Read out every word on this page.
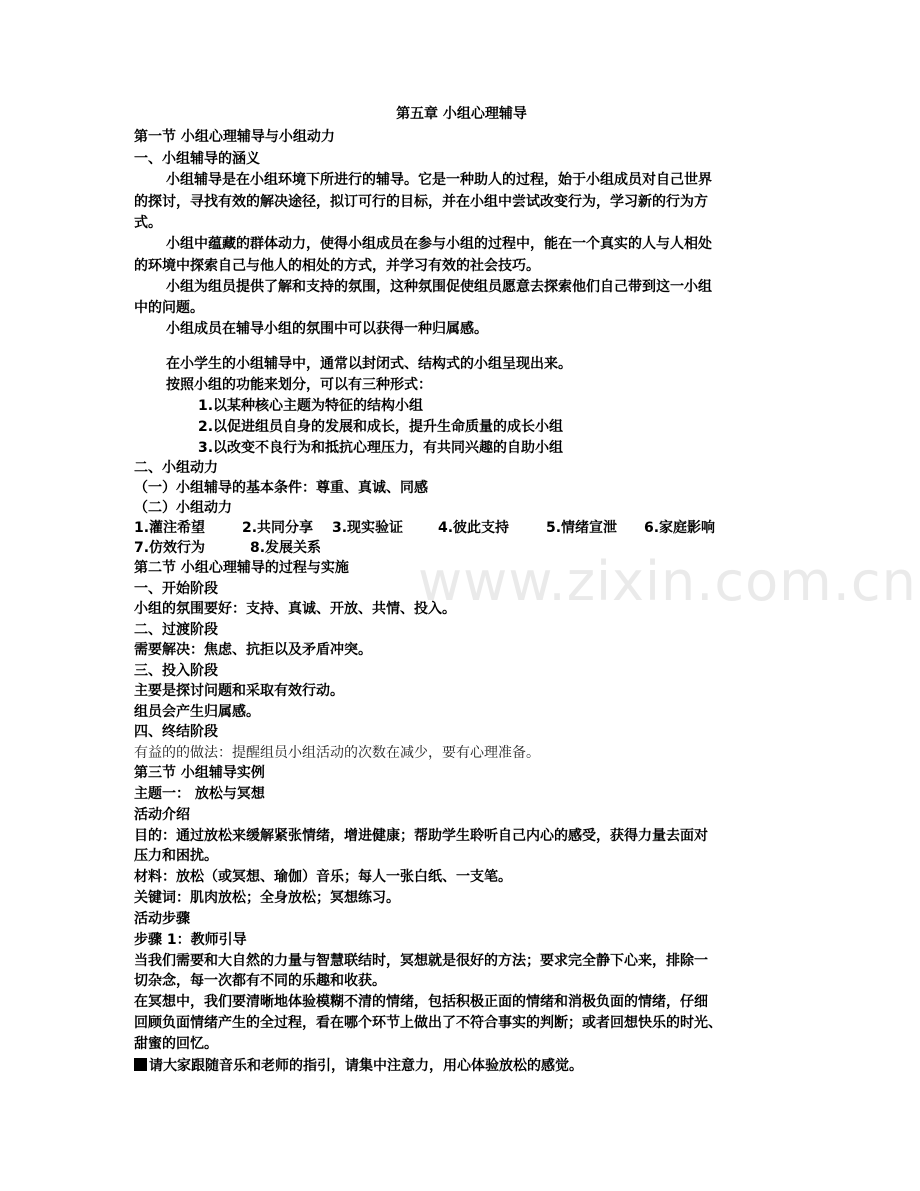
www.zixin.com.cn
第五章 小组心理辅导
第一节 小组心理辅导与小组动力
一、小组辅导的涵义
小组辅导是在小组环境下所进行的辅导。它是一种助人的过程，始于小组成员对自己世界
的探讨，寻找有效的解决途径，拟订可行的目标，并在小组中尝试改变行为，学习新的行为方
式。
小组中蕴藏的群体动力，使得小组成员在参与小组的过程中，能在一个真实的人与人相处
的环境中探索自己与他人的相处的方式，并学习有效的社会技巧。
小组为组员提供了解和支持的氛围，这种氛围促使组员愿意去探索他们自己带到这一小组
中的问题。
小组成员在辅导小组的氛围中可以获得一种归属感。
在小学生的小组辅导中，通常以封闭式、结构式的小组呈现出来。
按照小组的功能来划分，可以有三种形式：
1.以某种核心主题为特征的结构小组
2.以促进组员自身的发展和成长，提升生命质量的成长小组
3.以改变不良行为和抵抗心理压力，有共同兴趣的自助小组
二、小组动力
（一）小组辅导的基本条件：尊重、真诚、同感
（二）小组动力
1.灌注希望	2.共同分享 3.现实验证 4.彼此支持	5.情绪宣泄 6.家庭影响
7.仿效行为	8.发展关系
第二节 小组心理辅导的过程与实施
一、开始阶段
小组的氛围要好：支持、真诚、开放、共情、投入。
二、过渡阶段
需要解决：焦虑、抗拒以及矛盾冲突。
三、投入阶段
主要是探讨问题和采取有效行动。
组员会产生归属感。
四、终结阶段
有益的的做法：提醒组员小组活动的次数在减少，要有心理准备。
第三节 小组辅导实例
主题一： 放松与冥想
活动介绍
目的：通过放松来缓解紧张情绪，增进健康；帮助学生聆听自己内心的感受，获得力量去面对
压力和困扰。
材料：放松（或冥想、瑜伽）音乐；每人一张白纸、一支笔。
关键词：肌肉放松；全身放松；冥想练习。
活动步骤
步骤 1：教师引导
当我们需要和大自然的力量与智慧联结时，冥想就是很好的方法；要求完全静下心来，排除一
切杂念，每一次都有不同的乐趣和收获。
在冥想中，我们要清晰地体验模糊不清的情绪，包括积极正面的情绪和消极负面的情绪，仔细
回顾负面情绪产生的全过程，看在哪个环节上做出了不符合事实的判断；或者回想快乐的时光、
甜蜜的回忆。
请大家跟随音乐和老师的指引，请集中注意力，用心体验放松的感觉。
